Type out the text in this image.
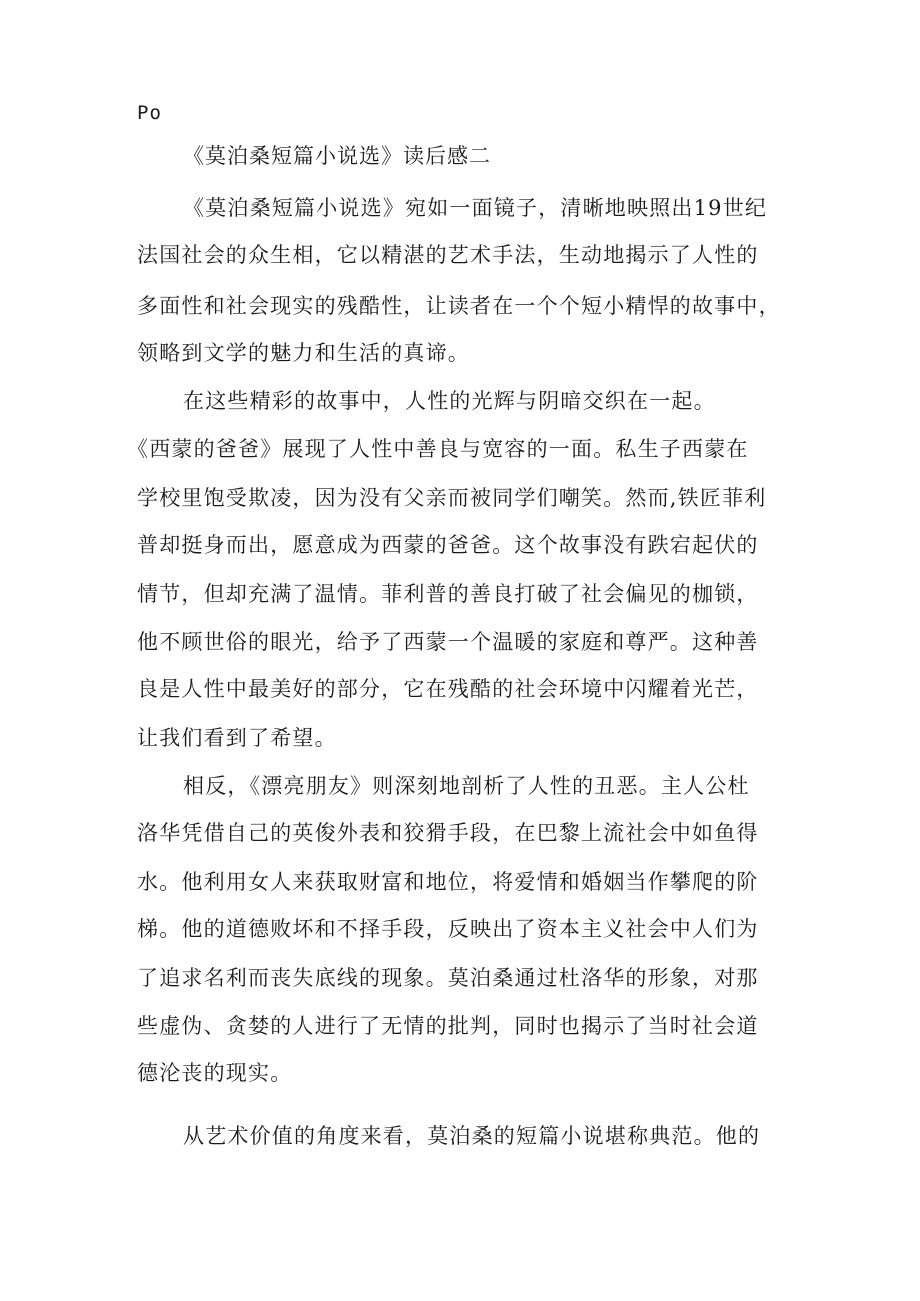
Po
《莫泊桑短篇小说选》读后感二
《莫泊桑短篇小说选》宛如一面镜子，清晰地映照出19世纪
法国社会的众生相，它以精湛的艺术手法，生动地揭示了人性的
多面性和社会现实的残酷性，让读者在一个个短小精悍的故事中，
领略到文学的魅力和生活的真谛。
在这些精彩的故事中，人性的光辉与阴暗交织在一起。
《西蒙的爸爸》展现了人性中善良与宽容的一面。私生子西蒙在
学校里饱受欺凌，因为没有父亲而被同学们嘲笑。然而,铁匠菲利
普却挺身而出，愿意成为西蒙的爸爸。这个故事没有跌宕起伏的
情节，但却充满了温情。菲利普的善良打破了社会偏见的枷锁，
他不顾世俗的眼光，给予了西蒙一个温暖的家庭和尊严。这种善
良是人性中最美好的部分，它在残酷的社会环境中闪耀着光芒，
让我们看到了希望。
相反，《漂亮朋友》则深刻地剖析了人性的丑恶。主人公杜
洛华凭借自己的英俊外表和狡猾手段，在巴黎上流社会中如鱼得
水。他利用女人来获取财富和地位，将爱情和婚姻当作攀爬的阶
梯。他的道德败坏和不择手段，反映出了资本主义社会中人们为
了追求名利而丧失底线的现象。莫泊桑通过杜洛华的形象，对那
些虚伪、贪婪的人进行了无情的批判，同时也揭示了当时社会道
德沦丧的现实。
从艺术价值的角度来看，莫泊桑的短篇小说堪称典范。他的
